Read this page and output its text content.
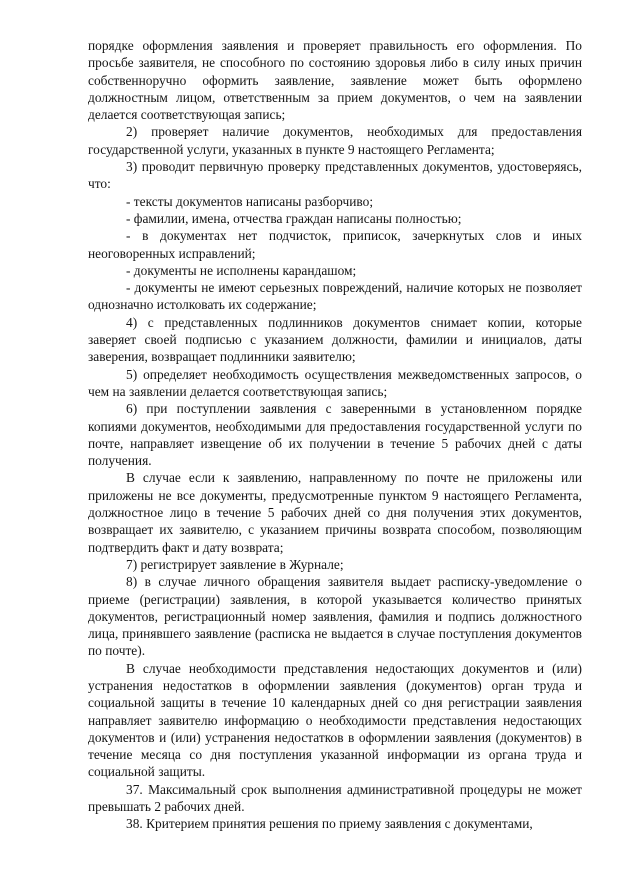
порядке оформления заявления и проверяет правильность его оформления. По просьбе заявителя, не способного по состоянию здоровья либо в силу иных причин собственноручно оформить заявление, заявление может быть оформлено должностным лицом, ответственным за прием документов, о чем на заявлении делается соответствующая запись;

2) проверяет наличие документов, необходимых для предоставления государственной услуги, указанных в пункте 9 настоящего Регламента;

3) проводит первичную проверку представленных документов, удостоверяясь, что:

- тексты документов написаны разборчиво;

- фамилии, имена, отчества граждан написаны полностью;

- в документах нет подчисток, приписок, зачеркнутых слов и иных неоговоренных исправлений;

- документы не исполнены карандашом;

- документы не имеют серьезных повреждений, наличие которых не позволяет однозначно истолковать их содержание;

4) с представленных подлинников документов снимает копии, которые заверяет своей подписью с указанием должности, фамилии и инициалов, даты заверения, возвращает подлинники заявителю;

5) определяет необходимость осуществления межведомственных запросов, о чем на заявлении делается соответствующая запись;

6) при поступлении заявления с заверенными в установленном порядке копиями документов, необходимыми для предоставления государственной услуги по почте, направляет извещение об их получении в течение 5 рабочих дней с даты получения.

В случае если к заявлению, направленному по почте не приложены или приложены не все документы, предусмотренные пунктом 9 настоящего Регламента, должностное лицо в течение 5 рабочих дней со дня получения этих документов, возвращает их заявителю, с указанием причины возврата способом, позволяющим подтвердить факт и дату возврата;

7) регистрирует заявление в Журнале;

8) в случае личного обращения заявителя выдает расписку-уведомление о приеме (регистрации) заявления, в которой указывается количество принятых документов, регистрационный номер заявления, фамилия и подпись должностного лица, принявшего заявление (расписка не выдается в случае поступления документов по почте).

В случае необходимости представления недостающих документов и (или) устранения недостатков в оформлении заявления (документов) орган труда и социальной защиты в течение 10 календарных дней со дня регистрации заявления направляет заявителю информацию о необходимости представления недостающих документов и (или) устранения недостатков в оформлении заявления (документов) в течение месяца со дня поступления указанной информации из органа труда и социальной защиты.

37. Максимальный срок выполнения административной процедуры не может превышать 2 рабочих дней.

38. Критерием принятия решения по приему заявления с документами,
